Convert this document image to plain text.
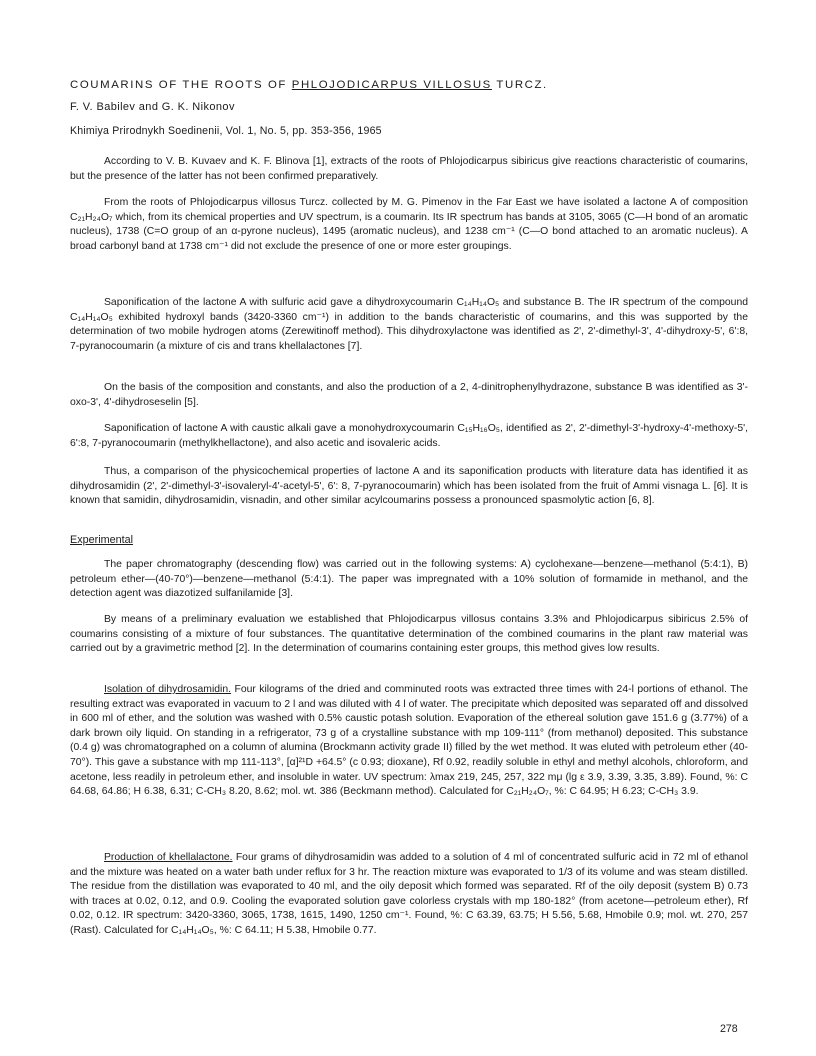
COUMARINS OF THE ROOTS OF PHLOJODICARPUS VILLOSUS TURCZ.
F. V. Babilev and G. K. Nikonov
Khimiya Prirodnykh Soedinenii, Vol. 1, No. 5, pp. 353-356, 1965

According to V. B. Kuvaev and K. F. Blinova [1], extracts of the roots of Phlojodicarpus sibiricus give reactions characteristic of coumarins, but the presence of the latter has not been confirmed preparatively.

From the roots of Phlojodicarpus villosus Turcz. collected by M. G. Pimenov in the Far East we have isolated a lactone A of composition C₂₁H₂₄O₇ which, from its chemical properties and UV spectrum, is a coumarin. Its IR spectrum has bands at 3105, 3065 (C—H bond of an aromatic nucleus), 1738 (C=O group of an α-pyrone nucleus), 1495 (aromatic nucleus), and 1238 cm⁻¹ (C—O bond attached to an aromatic nucleus). A broad carbonyl band at 1738 cm⁻¹ did not exclude the presence of one or more ester groupings.

Saponification of the lactone A with sulfuric acid gave a dihydroxycoumarin C₁₄H₁₄O₅ and substance B. The IR spectrum of the compound C₁₄H₁₄O₅ exhibited hydroxyl bands (3420-3360 cm⁻¹) in addition to the bands characteristic of coumarins, and this was supported by the determination of two mobile hydrogen atoms (Zerewitinoff method). This dihydroxylactone was identified as 2', 2'-dimethyl-3', 4'-dihydroxy-5', 6':8, 7-pyranocoumarin (a mixture of cis and trans khellalactones [7].

On the basis of the composition and constants, and also the production of a 2, 4-dinitrophenylhydrazone, substance B was identified as 3'-oxo-3', 4'-dihydroseselin [5].

Saponification of lactone A with caustic alkali gave a monohydroxycoumarin C₁₅H₁₆O₅, identified as 2', 2'-dimethyl-3'-hydroxy-4'-methoxy-5', 6':8, 7-pyranocoumarin (methylkhellactone), and also acetic and isovaleric acids.

Thus, a comparison of the physicochemical properties of lactone A and its saponification products with literature data has identified it as dihydrosamidin (2', 2'-dimethyl-3'-isovaleryl-4'-acetyl-5', 6': 8, 7-pyranocoumarin) which has been isolated from the fruit of Ammi visnaga L. [6]. It is known that samidin, dihydrosamidin, visnadin, and other similar acylcoumarins possess a pronounced spasmolytic action [6, 8].

Experimental

The paper chromatography (descending flow) was carried out in the following systems: A) cyclohexane—benzene—methanol (5:4:1), B) petroleum ether—(40-70°)—benzene—methanol (5:4:1). The paper was impregnated with a 10% solution of formamide in methanol, and the detection agent was diazotized sulfanilamide [3].

By means of a preliminary evaluation we established that Phlojodicarpus villosus contains 3.3% and Phlojodicarpus sibiricus 2.5% of coumarins consisting of a mixture of four substances. The quantitative determination of the combined coumarins in the plant raw material was carried out by a gravimetric method [2]. In the determination of coumarins containing ester groups, this method gives low results.

Isolation of dihydrosamidin. Four kilograms of the dried and comminuted roots was extracted three times with 24-l portions of ethanol. The resulting extract was evaporated in vacuum to 2 l and was diluted with 4 l of water. The precipitate which deposited was separated off and dissolved in 600 ml of ether, and the solution was washed with 0.5% caustic potash solution. Evaporation of the ethereal solution gave 151.6 g (3.77%) of a dark brown oily liquid. On standing in a refrigerator, 73 g of a crystalline substance with mp 109-111° (from methanol) deposited. This substance (0.4 g) was chromatographed on a column of alumina (Brockmann activity grade II) filled by the wet method. It was eluted with petroleum ether (40-70°). This gave a substance with mp 111-113°, [α]²¹D +64.5° (c 0.93; dioxane), Rf 0.92, readily soluble in ethyl and methyl alcohols, chloroform, and acetone, less readily in petroleum ether, and insoluble in water. UV spectrum: λmax 219, 245, 257, 322 mμ (lg ε 3.9, 3.39, 3.35, 3.89). Found, %: C 64.68, 64.86; H 6.38, 6.31; C-CH₃ 8.20, 8.62; mol. wt. 386 (Beckmann method). Calculated for C₂₁H₂₄O₇, %: C 64.95; H 6.23; C-CH₃ 3.9.

Production of khellalactone. Four grams of dihydrosamidin was added to a solution of 4 ml of concentrated sulfuric acid in 72 ml of ethanol and the mixture was heated on a water bath under reflux for 3 hr. The reaction mixture was evaporated to 1/3 of its volume and was steam distilled. The residue from the distillation was evaporated to 40 ml, and the oily deposit which formed was separated. Rf of the oily deposit (system B) 0.73 with traces at 0.02, 0.12, and 0.9. Cooling the evaporated solution gave colorless crystals with mp 180-182° (from acetone—petroleum ether), Rf 0.02, 0.12. IR spectrum: 3420-3360, 3065, 1738, 1615, 1490, 1250 cm⁻¹. Found, %: C 63.39, 63.75; H 5.56, 5.68, Hmobile 0.9; mol. wt. 270, 257 (Rast). Calculated for C₁₄H₁₄O₅, %: C 64.11; H 5.38, Hmobile 0.77.

278
